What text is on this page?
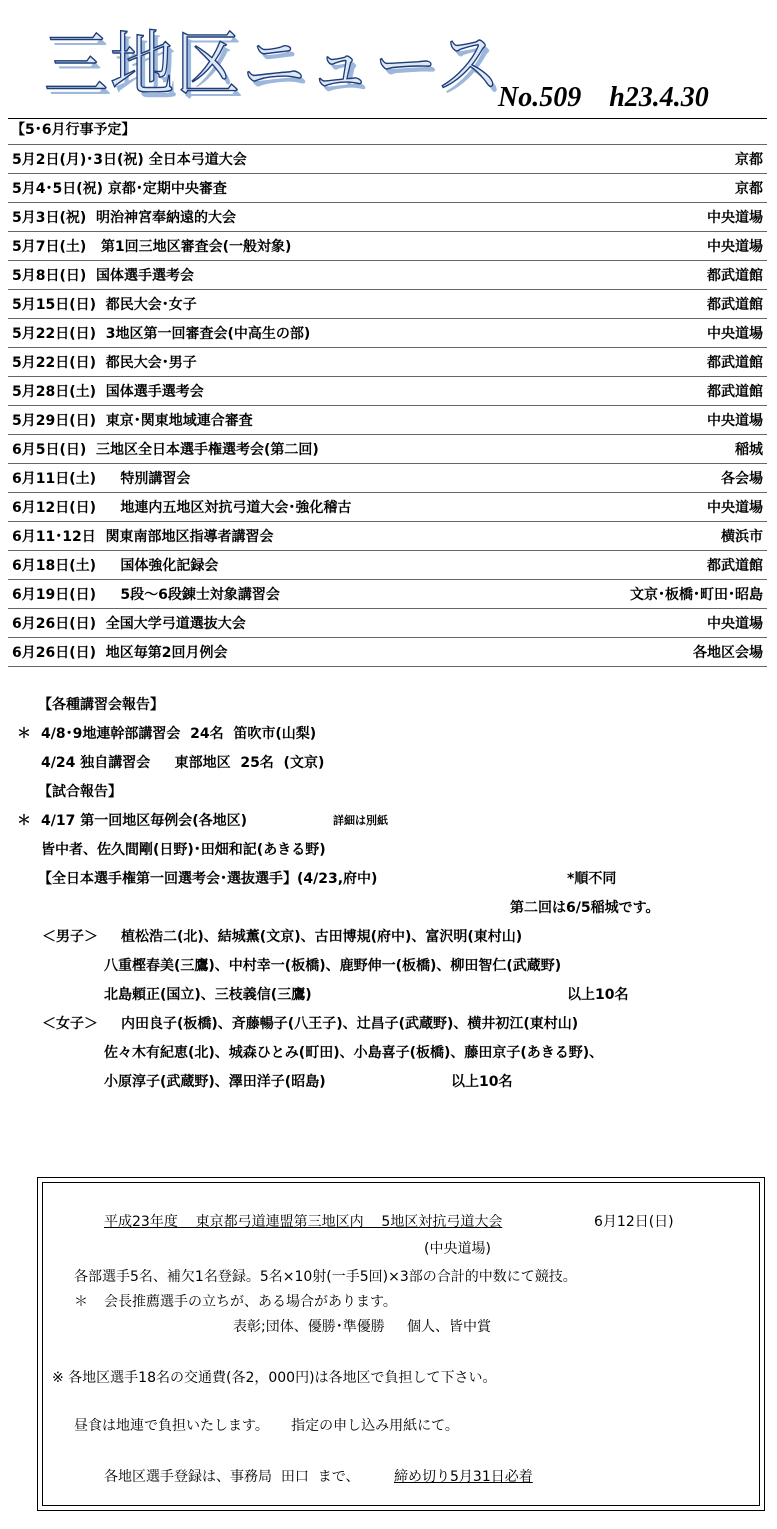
三地区ニュース
No.509 h23.4.30
【5･6月行事予定】
5月2日(月)･3日(祝) 全日本弓道大会	京都
5月4･5日(祝) 京都･定期中央審査	京都
5月3日(祝)  明治神宮奉納遠的大会	中央道場
5月7日(土)   第1回三地区審査会(一般対象)	中央道場
5月8日(日)  国体選手選考会	都武道館
5月15日(日)  都民大会･女子	都武道館
5月22日(日)  3地区第一回審査会(中高生の部)	中央道場
5月22日(日)  都民大会･男子	都武道館
5月28日(土)  国体選手選考会	都武道館
5月29日(日)  東京･関東地域連合審査	中央道場
6月5日(日)  三地区全日本選手権選考会(第二回)	稲城
6月11日(土)     特別講習会	各会場
6月12日(日)     地連内五地区対抗弓道大会･強化稽古	中央道場
6月11･12日  関東南部地区指導者講習会	横浜市
6月18日(土)     国体強化記録会	都武道館
6月19日(日)     5段～6段錬士対象講習会	文京･板橋･町田･昭島
6月26日(日)  全国大学弓道選抜大会	中央道場
6月26日(日)  地区毎第2回月例会	各地区会場
【各種講習会報告】

＊

4/8･9地連幹部講習会  24名  笛吹市(山梨)

4/24 独自講習会     東部地区  25名  (文京)

【試合報告】

＊

4/17 第一回地区毎例会(各地区)

	詳細は別紙

皆中者、佐久間剛(日野)･田畑和記(あきる野)

【全日本選手権第一回選考会･選抜選手】(4/23,府中)

	*順不同

第二回は6/5稲城です。

＜男子＞

植松浩二(北)、結城薫(文京)、古田博規(府中)、富沢明(東村山)

八重樫春美(三鷹)、中村幸一(板橋)、鹿野伸一(板橋)、柳田智仁(武蔵野)

北島頼正(国立)、三枝義信(三鷹)

	以上10名

＜女子＞

内田良子(板橋)、斉藤暢子(八王子)、辻昌子(武蔵野)、横井初江(東村山)

佐々木有紀恵(北)、城森ひとみ(町田)、小島喜子(板橋)、藤田京子(あきる野)、

小原淳子(武蔵野)、澤田洋子(昭島)

	以上10名

平成23年度    東京都弓道連盟第三地区内    5地区対抗弓道大会	6月12日(日)
(中央道場)
各部選手5名、補欠1名登録。5名×10射(一手5回)×3部の合計的中数にて競技。
＊ 会長推薦選手の立ちが、ある場合があります。
表彰;団体、優勝･準優勝     個人、皆中賞
※ 各地区選手18名の交通費(各2，000円)は各地区で負担して下さい。
昼食は地連で負担いたします。     指定の申し込み用紙にて。
各地区選手登録は、事務局  田口  まで、 締め切り5月31日必着
